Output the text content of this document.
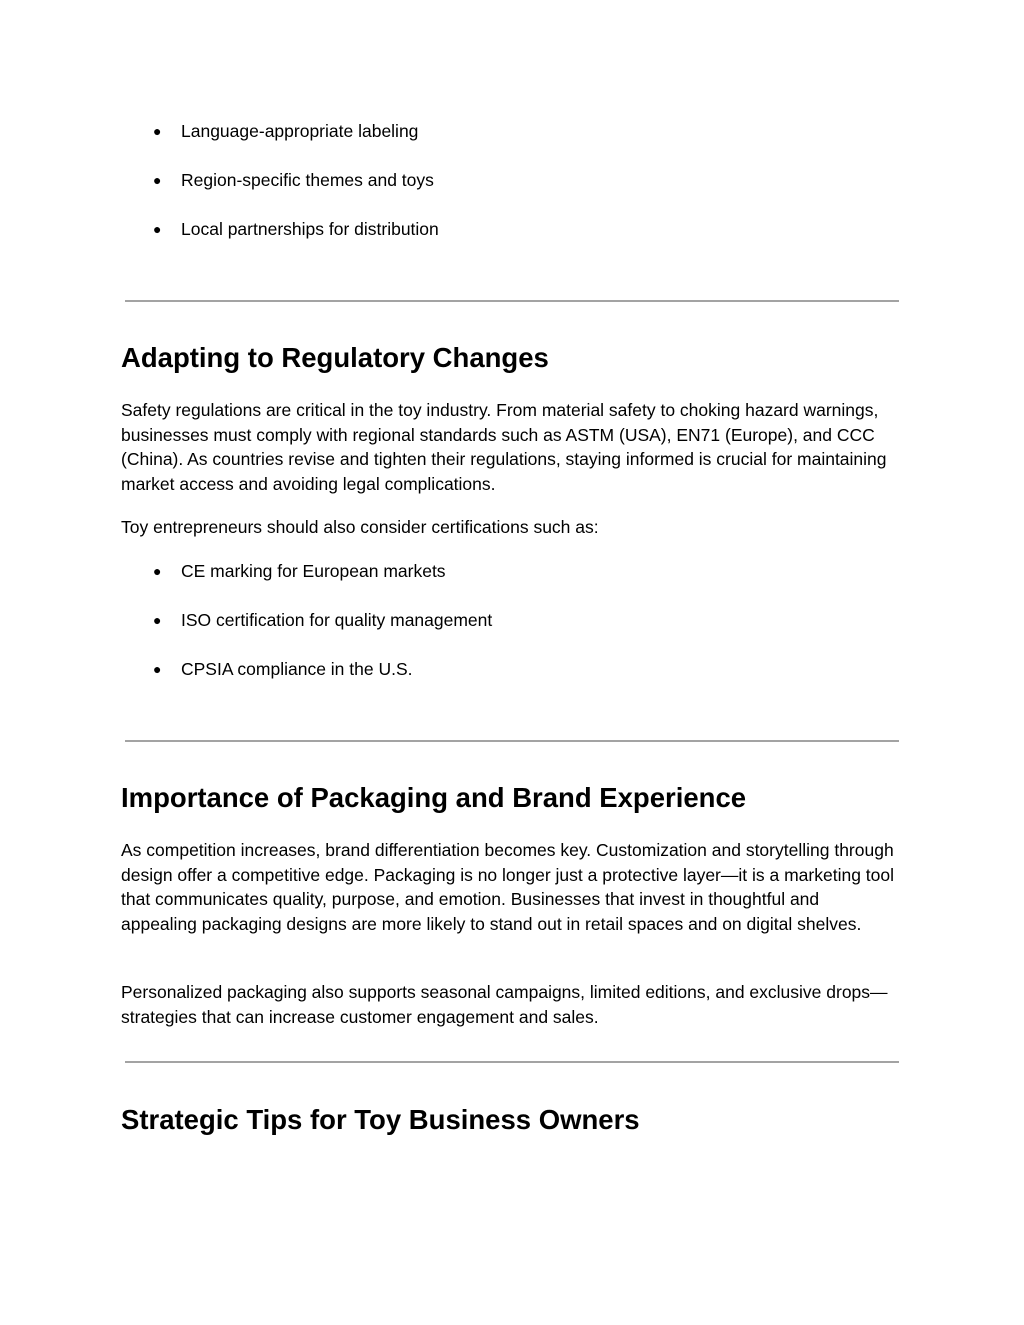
● Language-appropriate labeling
● Region-specific themes and toys
● Local partnerships for distribution
Adapting to Regulatory Changes

Safety regulations are critical in the toy industry. From material safety to choking hazard warnings, businesses must comply with regional standards such as ASTM (USA), EN71 (Europe), and CCC (China). As countries revise and tighten their regulations, staying informed is crucial for maintaining market access and avoiding legal complications.

Toy entrepreneurs should also consider certifications such as:

● CE marking for European markets
● ISO certification for quality management
● CPSIA compliance in the U.S.
Importance of Packaging and Brand Experience

As competition increases, brand differentiation becomes key. Customization and storytelling through design offer a competitive edge. Packaging is no longer just a protective layer—it is a marketing tool that communicates quality, purpose, and emotion. Businesses that invest in thoughtful and appealing packaging designs are more likely to stand out in retail spaces and on digital shelves.

Personalized packaging also supports seasonal campaigns, limited editions, and exclusive drops—strategies that can increase customer engagement and sales.

Strategic Tips for Toy Business Owners
